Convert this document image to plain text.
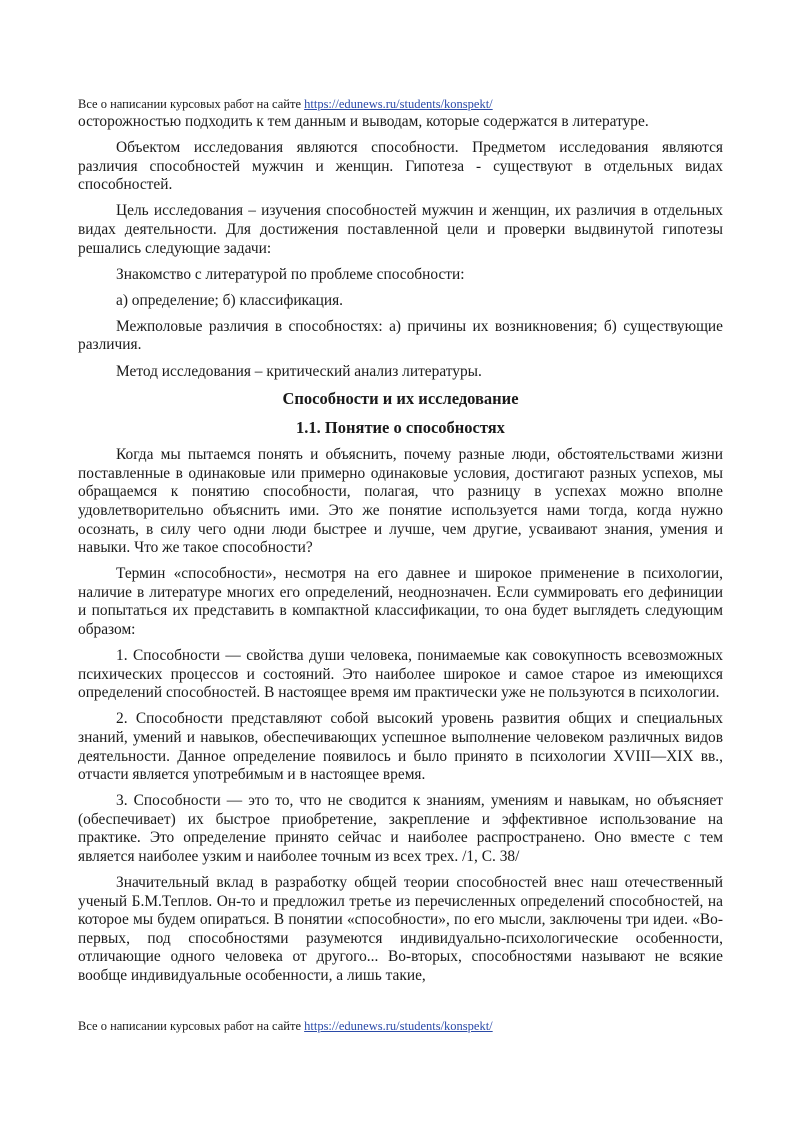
Все о написании курсовых работ на сайте https://edunews.ru/students/konspekt/

осторожностью подходить к тем данным и выводам, которые содержатся в литературе.

Объектом исследования являются способности. Предметом исследования являются различия способностей мужчин и женщин. Гипотеза - существуют в отдельных видах способностей.

Цель исследования – изучения способностей мужчин и женщин, их различия в отдельных видах деятельности. Для достижения поставленной цели и проверки выдвинутой гипотезы решались следующие задачи:

Знакомство с литературой по проблеме способности:

а) определение; б) классификация.

Межполовые различия в способностях: а) причины их возникновения; б) существующие различия.

Метод исследования – критический анализ литературы.

Способности и их исследование
1.1. Понятие о способностях

Когда мы пытаемся понять и объяснить, почему разные люди, обстоятельствами жизни поставленные в одинаковые или примерно одинаковые условия, достигают разных успехов, мы обращаемся к понятию способности, полагая, что разницу в успехах можно вполне удовлетворительно объяснить ими. Это же понятие используется нами тогда, когда нужно осознать, в силу чего одни люди быстрее и лучше, чем другие, усваивают знания, умения и навыки. Что же такое способности?

Термин «способности», несмотря на его давнее и широкое применение в психологии, наличие в литературе многих его определений, неоднозначен. Если суммировать его дефиниции и попытаться их представить в компактной классификации, то она будет выглядеть следующим образом:

1. Способности — свойства души человека, понимаемые как совокупность всевозможных психических процессов и состояний. Это наиболее широкое и самое старое из имеющихся определений способностей. В настоящее время им практически уже не пользуются в психологии.

2. Способности представляют собой высокий уровень развития общих и специальных знаний, умений и навыков, обеспечивающих успешное выполнение человеком различных видов деятельности. Данное определение появилось и было принято в психологии XVIII—XIX вв., отчасти является употребимым и в настоящее время.

3. Способности — это то, что не сводится к знаниям, умениям и навыкам, но объясняет (обеспечивает) их быстрое приобретение, закрепление и эффективное использование на практике. Это определение принято сейчас и наиболее распространено. Оно вместе с тем является наиболее узким и наиболее точным из всех трех. /1, С. 38/

Значительный вклад в разработку общей теории способностей внес наш отечественный ученый Б.М.Теплов. Он-то и предложил третье из перечисленных определений способностей, на которое мы будем опираться. В понятии «способности», по его мысли, заключены три идеи. «Во-первых, под способностями разумеются индивидуально-психологические особенности, отличающие одного человека от другого... Во-вторых, способностями называют не всякие вообще индивидуальные особенности, а лишь такие,

Все о написании курсовых работ на сайте https://edunews.ru/students/konspekt/
